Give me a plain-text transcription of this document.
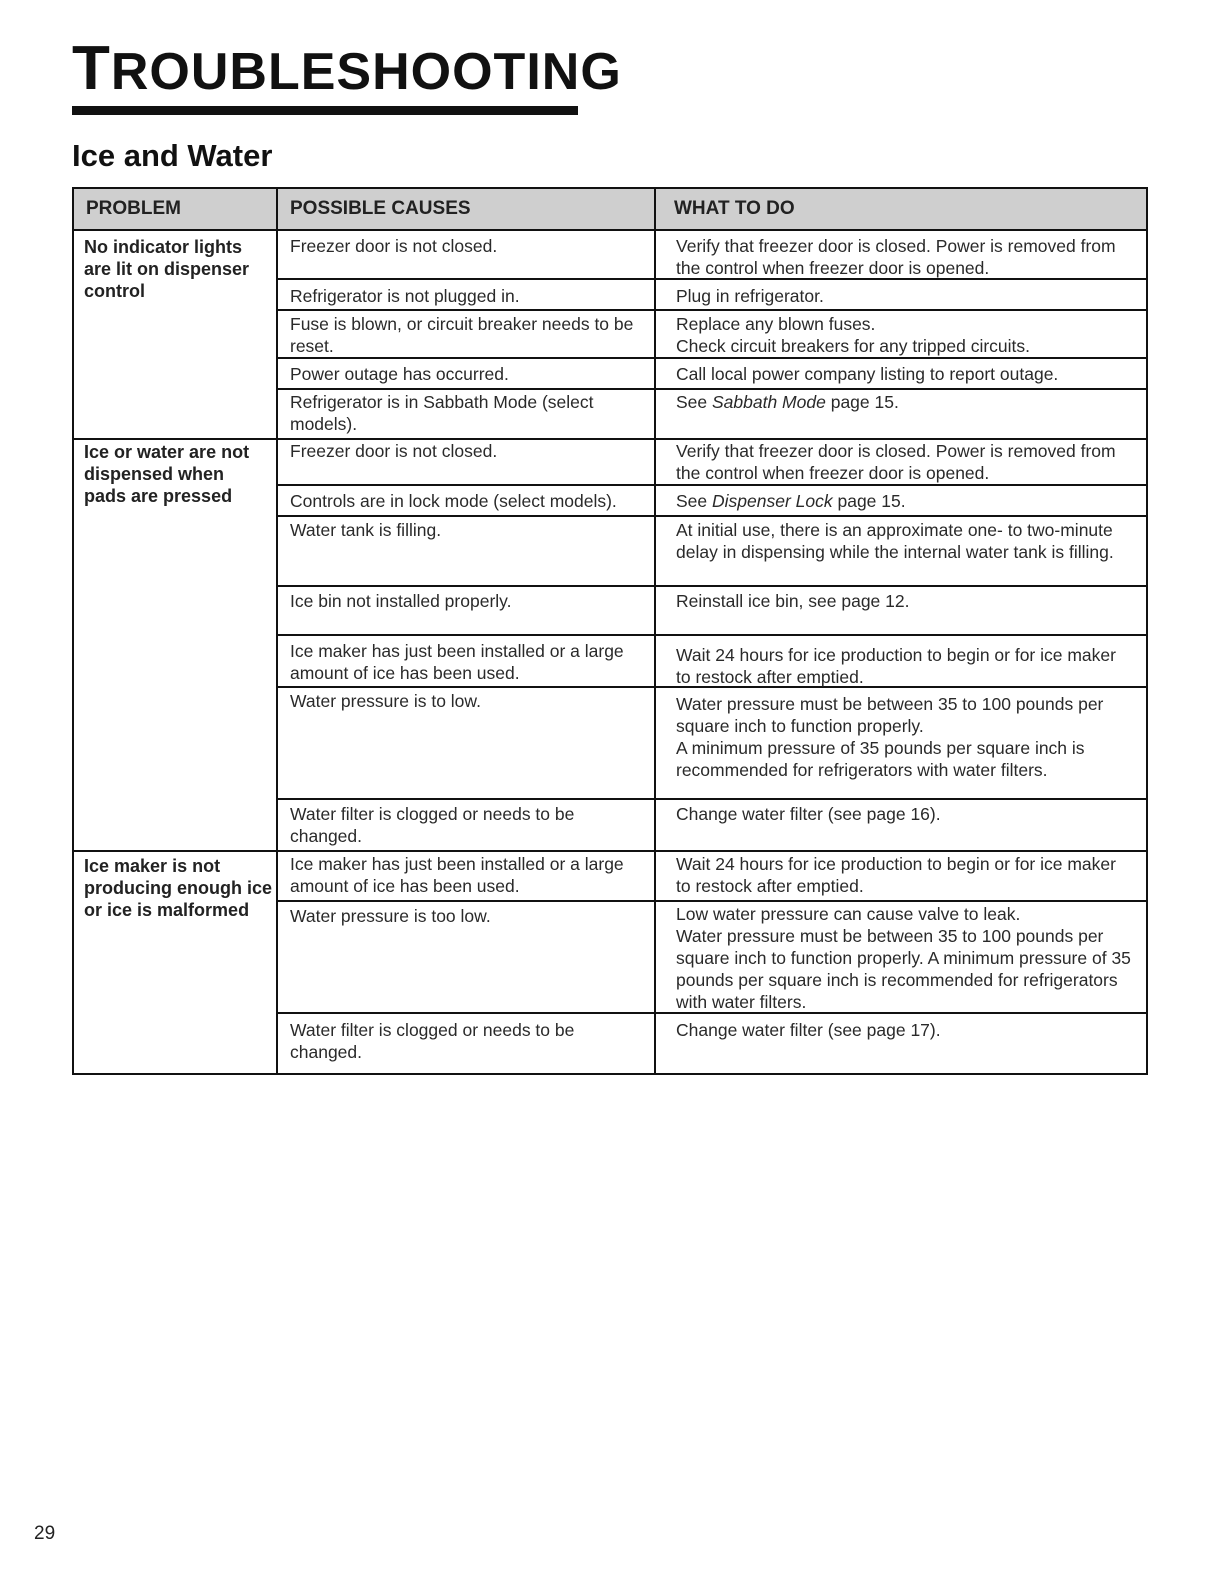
TROUBLESHOOTING
Ice and Water
PROBLEM	POSSIBLE CAUSES	WHAT TO DO
No indicator lights are lit on dispenser control
Ice or water are not dispensed when pads are pressed
Ice maker is not producing enough ice or ice is malformed
Freezer door is not closed.
Refrigerator is not plugged in.
Fuse is blown, or circuit breaker needs to be reset.
Power outage has occurred.
Refrigerator is in Sabbath Mode (select models).
Freezer door is not closed.
Controls are in lock mode (select models).
Water tank is filling.
Ice bin not installed properly.
Ice maker has just been installed or a large amount of ice has been used.
Water pressure is to low.
Water filter is clogged or needs to be changed.
Ice maker has just been installed or a large amount of ice has been used.
Water pressure is too low.
Water filter is clogged or needs to be changed.
Verify that freezer door is closed. Power is removed from the control when freezer door is opened.
Plug in refrigerator.
Replace any blown fuses.
Check circuit breakers for any tripped circuits.
Call local power company listing to report outage.
See Sabbath Mode page 15.
Verify that freezer door is closed. Power is removed from the control when freezer door is opened.
See Dispenser Lock page 15.
At initial use, there is an approximate one- to two-minute delay in dispensing while the internal water tank is filling.
Reinstall ice bin, see page 12.
Wait 24 hours for ice production to begin or for ice maker to restock after emptied.
Water pressure must be between 35 to 100 pounds per square inch to function properly.
A minimum pressure of 35 pounds per square inch is recommended for refrigerators with water filters.
Change water filter (see page 16).
Wait 24 hours for ice production to begin or for ice maker to restock after emptied.
Low water pressure can cause valve to leak.
Water pressure must be between 35 to 100 pounds per square inch to function properly. A minimum pressure of 35 pounds per square inch is recommended for refrigerators with water filters.
Change water filter (see page 17).
29
